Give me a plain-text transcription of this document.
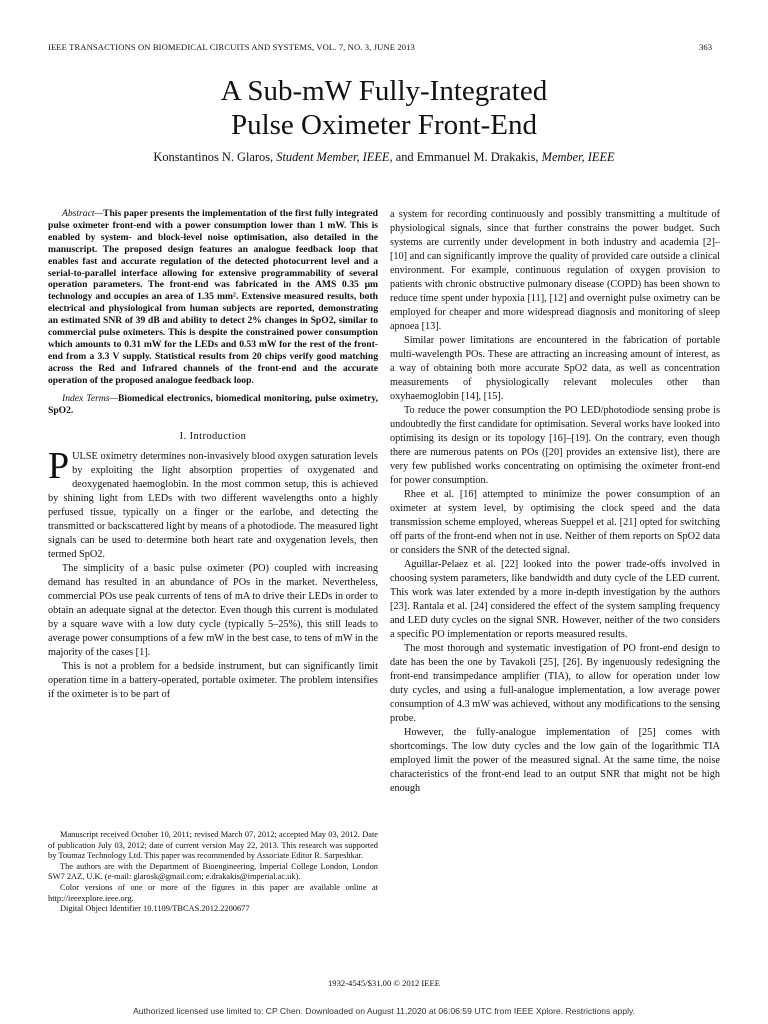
IEEE TRANSACTIONS ON BIOMEDICAL CIRCUITS AND SYSTEMS, VOL. 7, NO. 3, JUNE 2013	363
A Sub-mW Fully-Integrated
Pulse Oximeter Front-End
Konstantinos N. Glaros, Student Member, IEEE, and Emmanuel M. Drakakis, Member, IEEE

Abstract—This paper presents the implementation of the first fully integrated pulse oximeter front-end with a power consumption lower than 1 mW. This is enabled by system- and block-level noise optimisation, also detailed in the manuscript. The proposed design features an analogue feedback loop that enables fast and accurate regulation of the detected photocurrent level and a serial-to-parallel interface allowing for extensive programmability of several operation parameters. The front-end was fabricated in the AMS 0.35 μm technology and occupies an area of 1.35 mm². Extensive measured results, both electrical and physiological from human subjects are reported, demonstrating an estimated SNR of 39 dB and ability to detect 2% changes in SpO2, similar to commercial pulse oximeters. This is despite the constrained power consumption which amounts to 0.31 mW for the LEDs and 0.53 mW for the rest of the front-end from a 3.3 V supply. Statistical results from 20 chips verify good matching across the Red and Infrared channels of the front-end and the accurate operation of the proposed analogue feedback loop.

Index Terms—Biomedical electronics, biomedical monitoring, pulse oximetry, SpO2.

I. Introduction

PULSE oximetry determines non-invasively blood oxygen saturation levels by exploiting the light absorption properties of oxygenated and deoxygenated haemoglobin. In the most common setup, this is achieved by shining light from LEDs with two different wavelengths onto a highly perfused tissue, typically on a finger or the earlobe, and detecting the transmitted or backscattered light by means of a photodiode. The measured light signals can be used to determine both heart rate and oxygenation levels, then termed SpO2.

The simplicity of a basic pulse oximeter (PO) coupled with increasing demand has resulted in an abundance of POs in the market. Nevertheless, commercial POs use peak currents of tens of mA to drive their LEDs in order to obtain an adequate signal at the detector. Even though this current is modulated by a square wave with a low duty cycle (typically 5–25%), this still leads to average power consumptions of a few mW in the best case, to tens of mW in the majority of the cases [1].

This is not a problem for a bedside instrument, but can significantly limit operation time in a battery-operated, portable oximeter. The problem intensifies if the oximeter is to be part of

Manuscript received October 10, 2011; revised March 07, 2012; accepted May 03, 2012. Date of publication July 03, 2012; date of current version May 22, 2013. This research was supported by Toumaz Technology Ltd. This paper was recommended by Associate Editor R. Sarpeshkar.

The authors are with the Department of Bioengineering, Imperial College London, London SW7 2AZ, U.K. (e-mail: glarosk@gmail.com; e.drakakis@imperial.ac.uk).

Color versions of one or more of the figures in this paper are available online at http://ieeexplore.ieee.org.

Digital Object Identifier 10.1109/TBCAS.2012.2200677

a system for recording continuously and possibly transmitting a multitude of physiological signals, since that further constrains the power budget. Such systems are currently under development in both industry and academia [2]–[10] and can significantly improve the quality of provided care outside a clinical environment. For example, continuous regulation of oxygen provision to patients with chronic obstructive pulmonary disease (COPD) has been shown to reduce time spent under hypoxia [11], [12] and overnight pulse oximetry can be employed for cheaper and more widespread diagnosis and monitoring of sleep apnoea [13].

Similar power limitations are encountered in the fabrication of portable multi-wavelength POs. These are attracting an increasing amount of interest, as a way of obtaining both more accurate SpO2 data, as well as concentration measurements of physiologically relevant molecules other than oxyhaemoglobin [14], [15].

To reduce the power consumption the PO LED/photodiode sensing probe is undoubtedly the first candidate for optimisation. Several works have looked into optimising its design or its topology [16]–[19]. On the contrary, even though there are numerous patents on POs ([20] provides an extensive list), there are very few published works concentrating on optimising the oximeter front-end for power consumption.

Rhee et al. [16] attempted to minimize the power consumption of an oximeter at system level, by optimising the clock speed and the data transmission scheme employed, whereas Sueppel et al. [21] opted for switching off parts of the front-end when not in use. Neither of them reports on SpO2 data or considers the SNR of the detected signal.

Aguillar-Pelaez et al. [22] looked into the power trade-offs involved in choosing system parameters, like bandwidth and duty cycle of the LED current. This work was later extended by a more in-depth investigation by the authors [23]. Rantala et al. [24] considered the effect of the system sampling frequency and LED duty cycles on the signal SNR. However, neither of the two considers a specific PO implementation or reports measured results.

The most thorough and systematic investigation of PO front-end design to date has been the one by Tavakoli [25], [26]. By ingenuously redesigning the front-end transimpedance amplifier (TIA), to allow for operation under low duty cycles, and using a full-analogue implementation, a low average power consumption of 4.3 mW was achieved, without any modifications to the sensing probe.

However, the fully-analogue implementation of [25] comes with shortcomings. The low duty cycles and the low gain of the logarithmic TIA employed limit the power of the measured signal. At the same time, the noise characteristics of the front-end lead to an output SNR that might not be high enough

1932-4545/$31.00 © 2012 IEEE
Authorized licensed use limited to: CP Chen. Downloaded on August 11,2020 at 06:06:59 UTC from IEEE Xplore. Restrictions apply.
